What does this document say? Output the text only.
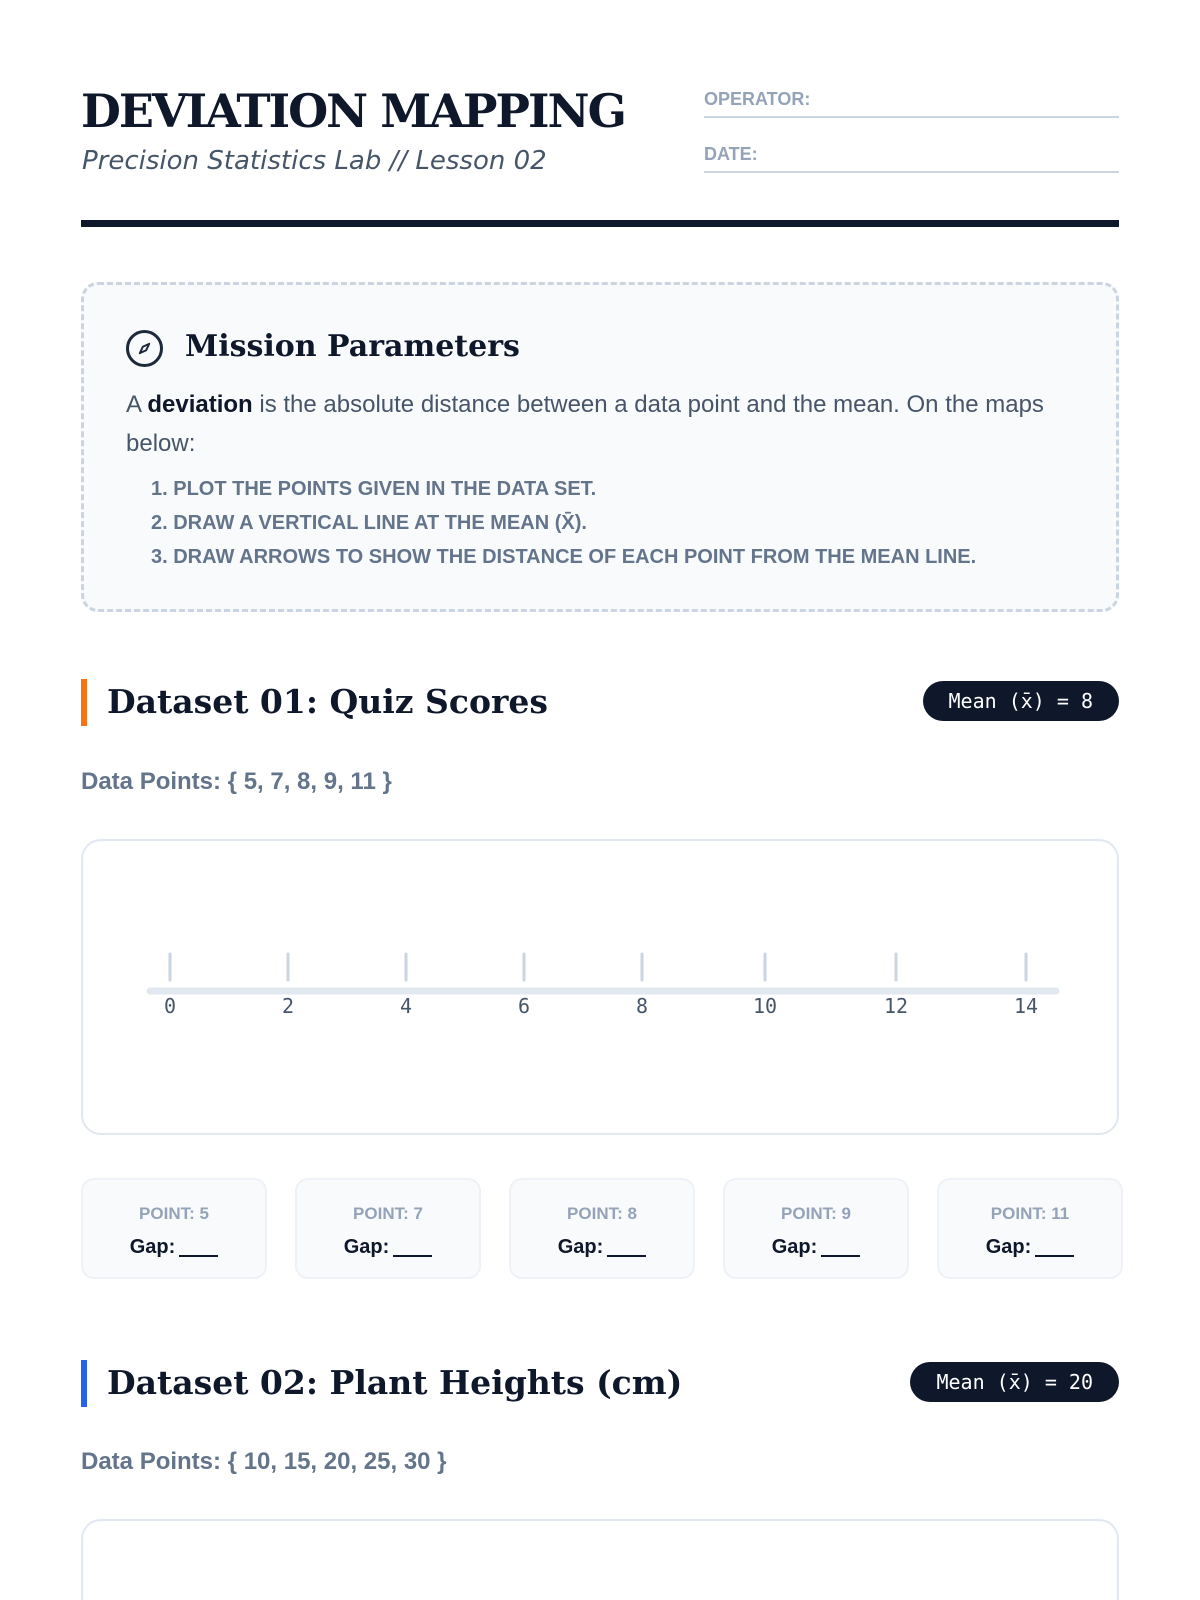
DEVIATION MAPPING

Precision Statistics Lab // Lesson 02

OPERATOR:
DATE:
Mission Parameters

A deviation is the absolute distance between a data point and the mean. On the maps below:

1. PLOT THE POINTS GIVEN IN THE DATA SET.
2. DRAW A VERTICAL LINE AT THE MEAN (X̄).
3. DRAW ARROWS TO SHOW THE DISTANCE OF EACH POINT FROM THE MEAN LINE.
Dataset 01: Quiz Scores	Mean (x̄) = 8

Data Points: { 5, 7, 8, 9, 11 }

0	2	4	6	8	10	12	14
POINT: 5
Gap:
POINT: 7
Gap:
POINT: 8
Gap:
POINT: 9
Gap:
POINT: 11
Gap:
Dataset 02: Plant Heights (cm)	Mean (x̄) = 20

Data Points: { 10, 15, 20, 25, 30 }
